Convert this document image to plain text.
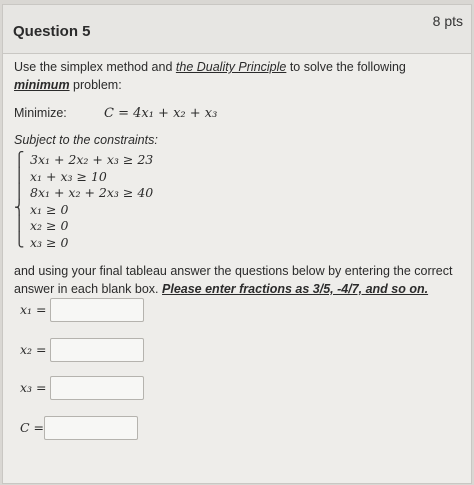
Question 5
8 pts
Use the simplex method and the Duality Principle to solve the following minimum problem:
Minimize:	C = 4x₁ + x₂ + x₃
Subject to the constraints:
⎧
⎪
⎪
⎨
⎪
⎩
3x₁ + 2x₂ + x₃ ≥ 23
x₁ + x₃ ≥ 10
8x₁ + x₂ + 2x₃ ≥ 40
x₁ ≥ 0
x₂ ≥ 0
x₃ ≥ 0
and using your final tableau answer the questions below by entering the correct answer in each blank box. Please enter fractions as 3/5, -4/7, and so on.
x₁ =
x₂ =
x₃ =
C =
